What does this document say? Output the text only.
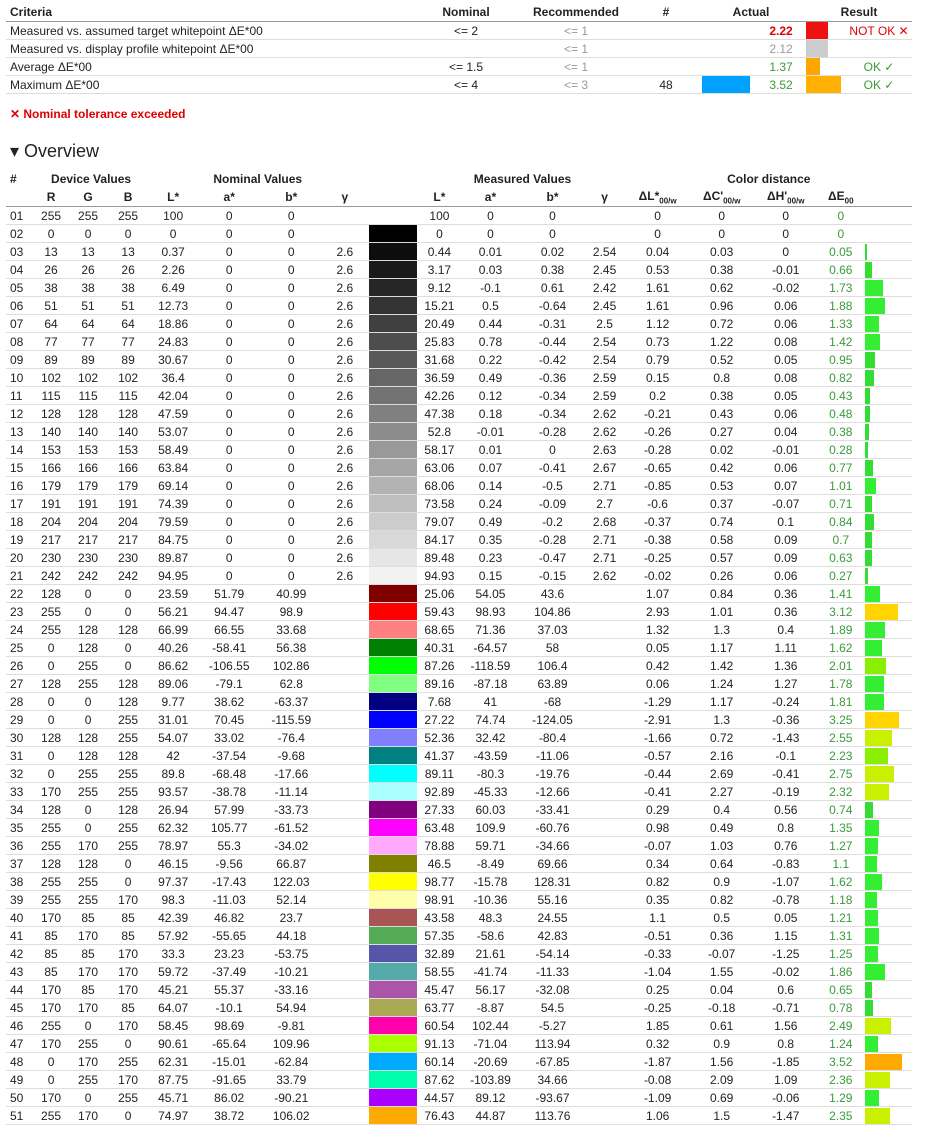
Criteria	Nominal	Recommended	#	Actual		Result	
Measured vs. assumed target whitepoint ΔE*00	<= 2	<= 1			2.22		NOT OK ✕
Measured vs. display profile whitepoint ΔE*00		<= 1			2.12		
Average ΔE*00	<= 1.5	<= 1			1.37		OK ✓
Maximum ΔE*00	<= 4	<= 3	48		3.52		OK ✓
✕ Nominal tolerance exceeded
▾ Overview
#	Device Values			Nominal Values					Measured Values				Color distance				
	R	G	B	L*	a*	b*	γ		L*	a*	b*	γ	$\Delta L*_{00/w}$	$\Delta C'_{00/w}$	$\Delta H'_{00/w}$	$\Delta E_{00}$	
01	255	255	255	100	0	0			100	0	0		0	0	0	0	
02	0	0	0	0	0	0			0	0	0		0	0	0	0	
03	13	13	13	0.37	0	0	2.6		0.44	0.01	0.02	2.54	0.04	0.03	0	0.05	

04	26	26	26	2.26	0	0	2.6		3.17	0.03	0.38	2.45	0.53	0.38	-0.01	0.66	

05	38	38	38	6.49	0	0	2.6		9.12	-0.1	0.61	2.42	1.61	0.62	-0.02	1.73	

06	51	51	51	12.73	0	0	2.6		15.21	0.5	-0.64	2.45	1.61	0.96	0.06	1.88	

07	64	64	64	18.86	0	0	2.6		20.49	0.44	-0.31	2.5	1.12	0.72	0.06	1.33	

08	77	77	77	24.83	0	0	2.6		25.83	0.78	-0.44	2.54	0.73	1.22	0.08	1.42	

09	89	89	89	30.67	0	0	2.6		31.68	0.22	-0.42	2.54	0.79	0.52	0.05	0.95	

10	102	102	102	36.4	0	0	2.6		36.59	0.49	-0.36	2.59	0.15	0.8	0.08	0.82	

11	115	115	115	42.04	0	0	2.6		42.26	0.12	-0.34	2.59	0.2	0.38	0.05	0.43	

12	128	128	128	47.59	0	0	2.6		47.38	0.18	-0.34	2.62	-0.21	0.43	0.06	0.48	

13	140	140	140	53.07	0	0	2.6		52.8	-0.01	-0.28	2.62	-0.26	0.27	0.04	0.38	

14	153	153	153	58.49	0	0	2.6		58.17	0.01	0	2.63	-0.28	0.02	-0.01	0.28	

15	166	166	166	63.84	0	0	2.6		63.06	0.07	-0.41	2.67	-0.65	0.42	0.06	0.77	

16	179	179	179	69.14	0	0	2.6		68.06	0.14	-0.5	2.71	-0.85	0.53	0.07	1.01	

17	191	191	191	74.39	0	0	2.6		73.58	0.24	-0.09	2.7	-0.6	0.37	-0.07	0.71	

18	204	204	204	79.59	0	0	2.6		79.07	0.49	-0.2	2.68	-0.37	0.74	0.1	0.84	

19	217	217	217	84.75	0	0	2.6		84.17	0.35	-0.28	2.71	-0.38	0.58	0.09	0.7	

20	230	230	230	89.87	0	0	2.6		89.48	0.23	-0.47	2.71	-0.25	0.57	0.09	0.63	

21	242	242	242	94.95	0	0	2.6		94.93	0.15	-0.15	2.62	-0.02	0.26	0.06	0.27	

22	128	0	0	23.59	51.79	40.99			25.06	54.05	43.6		1.07	0.84	0.36	1.41	

23	255	0	0	56.21	94.47	98.9			59.43	98.93	104.86		2.93	1.01	0.36	3.12	

24	255	128	128	66.99	66.55	33.68			68.65	71.36	37.03		1.32	1.3	0.4	1.89	

25	0	128	0	40.26	-58.41	56.38			40.31	-64.57	58		0.05	1.17	1.11	1.62	

26	0	255	0	86.62	-106.55	102.86			87.26	-118.59	106.4		0.42	1.42	1.36	2.01	

27	128	255	128	89.06	-79.1	62.8			89.16	-87.18	63.89		0.06	1.24	1.27	1.78	

28	0	0	128	9.77	38.62	-63.37			7.68	41	-68		-1.29	1.17	-0.24	1.81	

29	0	0	255	31.01	70.45	-115.59			27.22	74.74	-124.05		-2.91	1.3	-0.36	3.25	

30	128	128	255	54.07	33.02	-76.4			52.36	32.42	-80.4		-1.66	0.72	-1.43	2.55	

31	0	128	128	42	-37.54	-9.68			41.37	-43.59	-11.06		-0.57	2.16	-0.1	2.23	

32	0	255	255	89.8	-68.48	-17.66			89.11	-80.3	-19.76		-0.44	2.69	-0.41	2.75	

33	170	255	255	93.57	-38.78	-11.14			92.89	-45.33	-12.66		-0.41	2.27	-0.19	2.32	

34	128	0	128	26.94	57.99	-33.73			27.33	60.03	-33.41		0.29	0.4	0.56	0.74	

35	255	0	255	62.32	105.77	-61.52			63.48	109.9	-60.76		0.98	0.49	0.8	1.35	

36	255	170	255	78.97	55.3	-34.02			78.88	59.71	-34.66		-0.07	1.03	0.76	1.27	

37	128	128	0	46.15	-9.56	66.87			46.5	-8.49	69.66		0.34	0.64	-0.83	1.1	

38	255	255	0	97.37	-17.43	122.03			98.77	-15.78	128.31		0.82	0.9	-1.07	1.62	

39	255	255	170	98.3	-11.03	52.14			98.91	-10.36	55.16		0.35	0.82	-0.78	1.18	

40	170	85	85	42.39	46.82	23.7			43.58	48.3	24.55		1.1	0.5	0.05	1.21	

41	85	170	85	57.92	-55.65	44.18			57.35	-58.6	42.83		-0.51	0.36	1.15	1.31	

42	85	85	170	33.3	23.23	-53.75			32.89	21.61	-54.14		-0.33	-0.07	-1.25	1.25	

43	85	170	170	59.72	-37.49	-10.21			58.55	-41.74	-11.33		-1.04	1.55	-0.02	1.86	

44	170	85	170	45.21	55.37	-33.16			45.47	56.17	-32.08		0.25	0.04	0.6	0.65	

45	170	170	85	64.07	-10.1	54.94			63.77	-8.87	54.5		-0.25	-0.18	-0.71	0.78	

46	255	0	170	58.45	98.69	-9.81			60.54	102.44	-5.27		1.85	0.61	1.56	2.49	

47	170	255	0	90.61	-65.64	109.96			91.13	-71.04	113.94		0.32	0.9	0.8	1.24	

48	0	170	255	62.31	-15.01	-62.84			60.14	-20.69	-67.85		-1.87	1.56	-1.85	3.52	

49	0	255	170	87.75	-91.65	33.79			87.62	-103.89	34.66		-0.08	2.09	1.09	2.36	

50	170	0	255	45.71	86.02	-90.21			44.57	89.12	-93.67		-1.09	0.69	-0.06	1.29	

51	255	170	0	74.97	38.72	106.02			76.43	44.87	113.76		1.06	1.5	-1.47	2.35	
